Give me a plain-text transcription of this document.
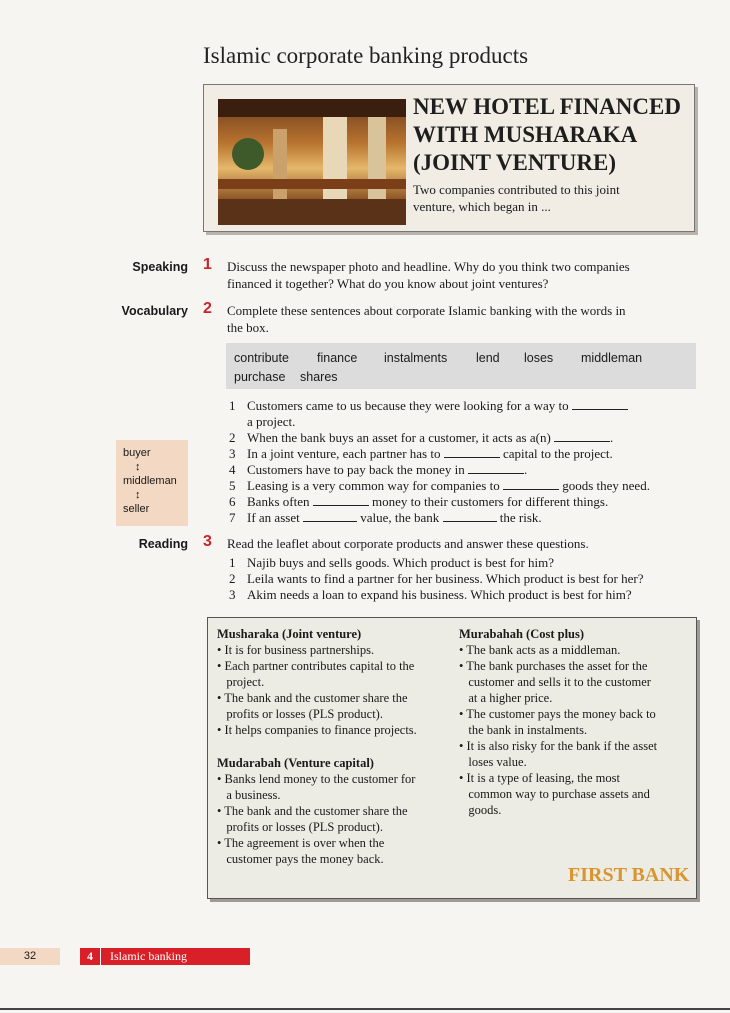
Islamic corporate banking products
NEW HOTEL FINANCED
WITH MUSHARAKA
(JOINT VENTURE)
Two companies contributed to this joint
venture, which began in ...
Speaking 1 Discuss the newspaper photo and headline. Why do you think two companies
financed it together? What do you know about joint ventures?
Vocabulary 2 Complete these sentences about corporate Islamic banking with the words in
the box.
contribute finance instalments lend loses middleman
purchase shares
1 Customers came to us because they were looking for a way to
a project.
2 When the bank buys an asset for a customer, it acts as a(n)	.
3 In a joint venture, each partner has to	capital to the project.
4 Customers have to pay back the money in	.
5 Leasing is a very common way for companies to	goods they need.
6 Banks often	money to their customers for different things.
7 If an asset	value, the bank	the risk.
buyer
↕
middleman
↕
seller
Reading 3 Read the leaflet about corporate products and answer these questions.
1 Najib buys and sells goods. Which product is best for him?
2 Leila wants to find a partner for her business. Which product is best for her?
3 Akim needs a loan to expand his business. Which product is best for him?
Musharaka (Joint venture)
• It is for business partnerships.
• Each partner contributes capital to the
project.
• The bank and the customer share the
profits or losses (PLS product).
• It helps companies to finance projects.
Mudarabah (Venture capital)
• Banks lend money to the customer for
a business.
• The bank and the customer share the
profits or losses (PLS product).
• The agreement is over when the
customer pays the money back.
Murabahah (Cost plus)
• The bank acts as a middleman.
• The bank purchases the asset for the
customer and sells it to the customer
at a higher price.
• The customer pays the money back to
the bank in instalments.
• It is also risky for the bank if the asset
loses value.
• It is a type of leasing, the most
common way to purchase assets and
goods.
FIRST BANK
32	4 Islamic banking
